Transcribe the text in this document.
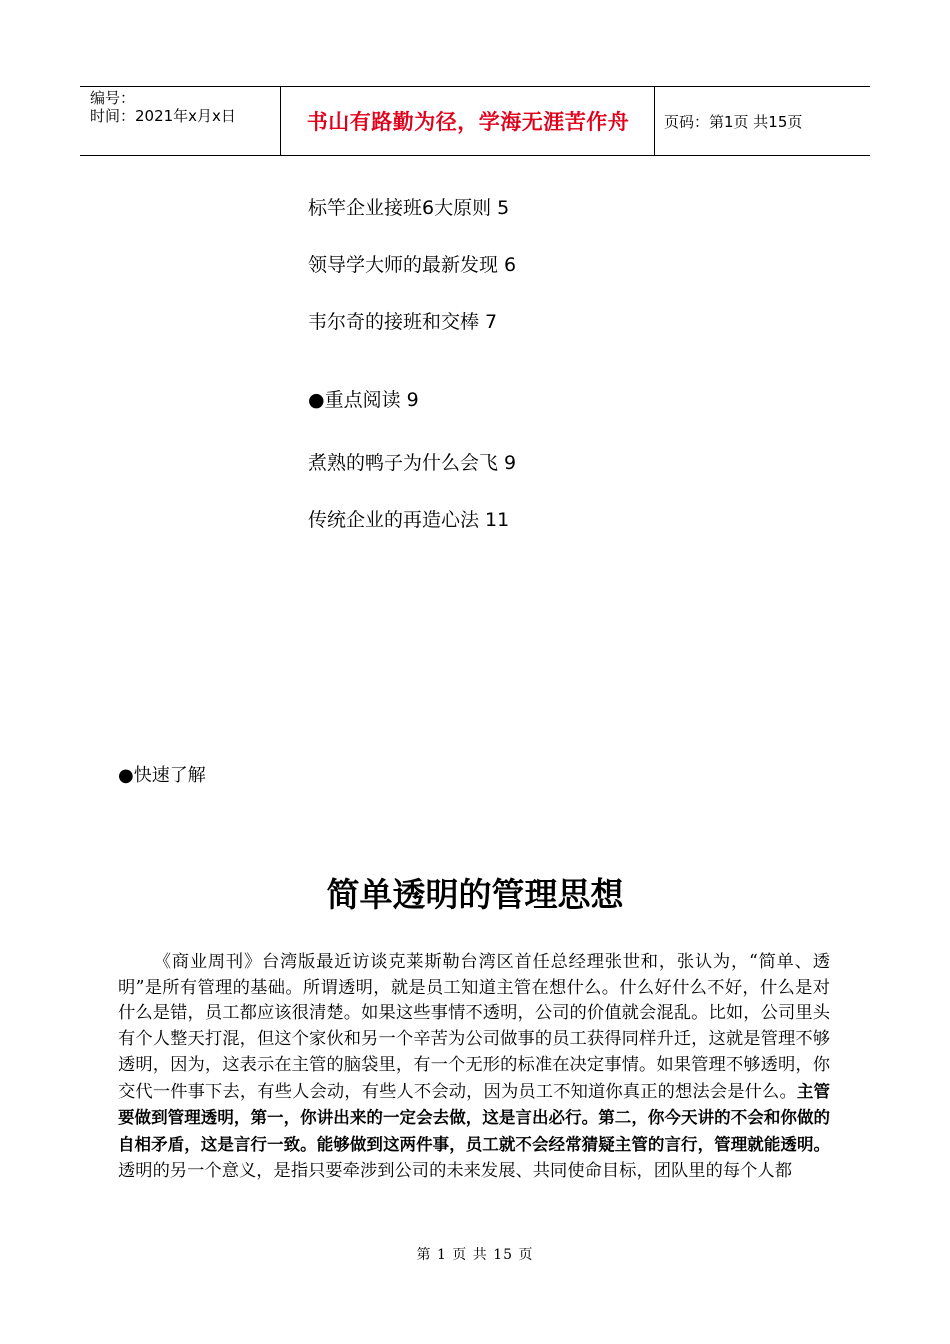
编号：
时间：2021年x月x日	书山有路勤为径，学海无涯苦作舟	页码：第1页 共15页
标竿企业接班6大原则 5
领导学大师的最新发现 6
韦尔奇的接班和交棒 7
●重点阅读 9
煮熟的鸭子为什么会飞 9
传统企业的再造心法 11
●快速了解
简单透明的管理思想
《商业周刊》台湾版最近访谈克莱斯勒台湾区首任总经理张世和，张认为，“简单、透明”是所有管理的基础。所谓透明，就是员工知道主管在想什么。什么好什么不好，什么是对什么是错，员工都应该很清楚。如果这些事情不透明，公司的价值就会混乱。比如，公司里头有个人整天打混，但这个家伙和另一个辛苦为公司做事的员工获得同样升迁，这就是管理不够透明，因为，这表示在主管的脑袋里，有一个无形的标准在决定事情。如果管理不够透明，你交代一件事下去，有些人会动，有些人不会动，因为员工不知道你真正的想法会是什么。主管要做到管理透明，第一，你讲出来的一定会去做，这是言出必行。第二，你今天讲的不会和你做的自相矛盾，这是言行一致。能够做到这两件事，员工就不会经常猜疑主管的言行，管理就能透明。透明的另一个意义，是指只要牵涉到公司的未来发展、共同使命目标，团队里的每个人都
第 1 页 共 15 页
